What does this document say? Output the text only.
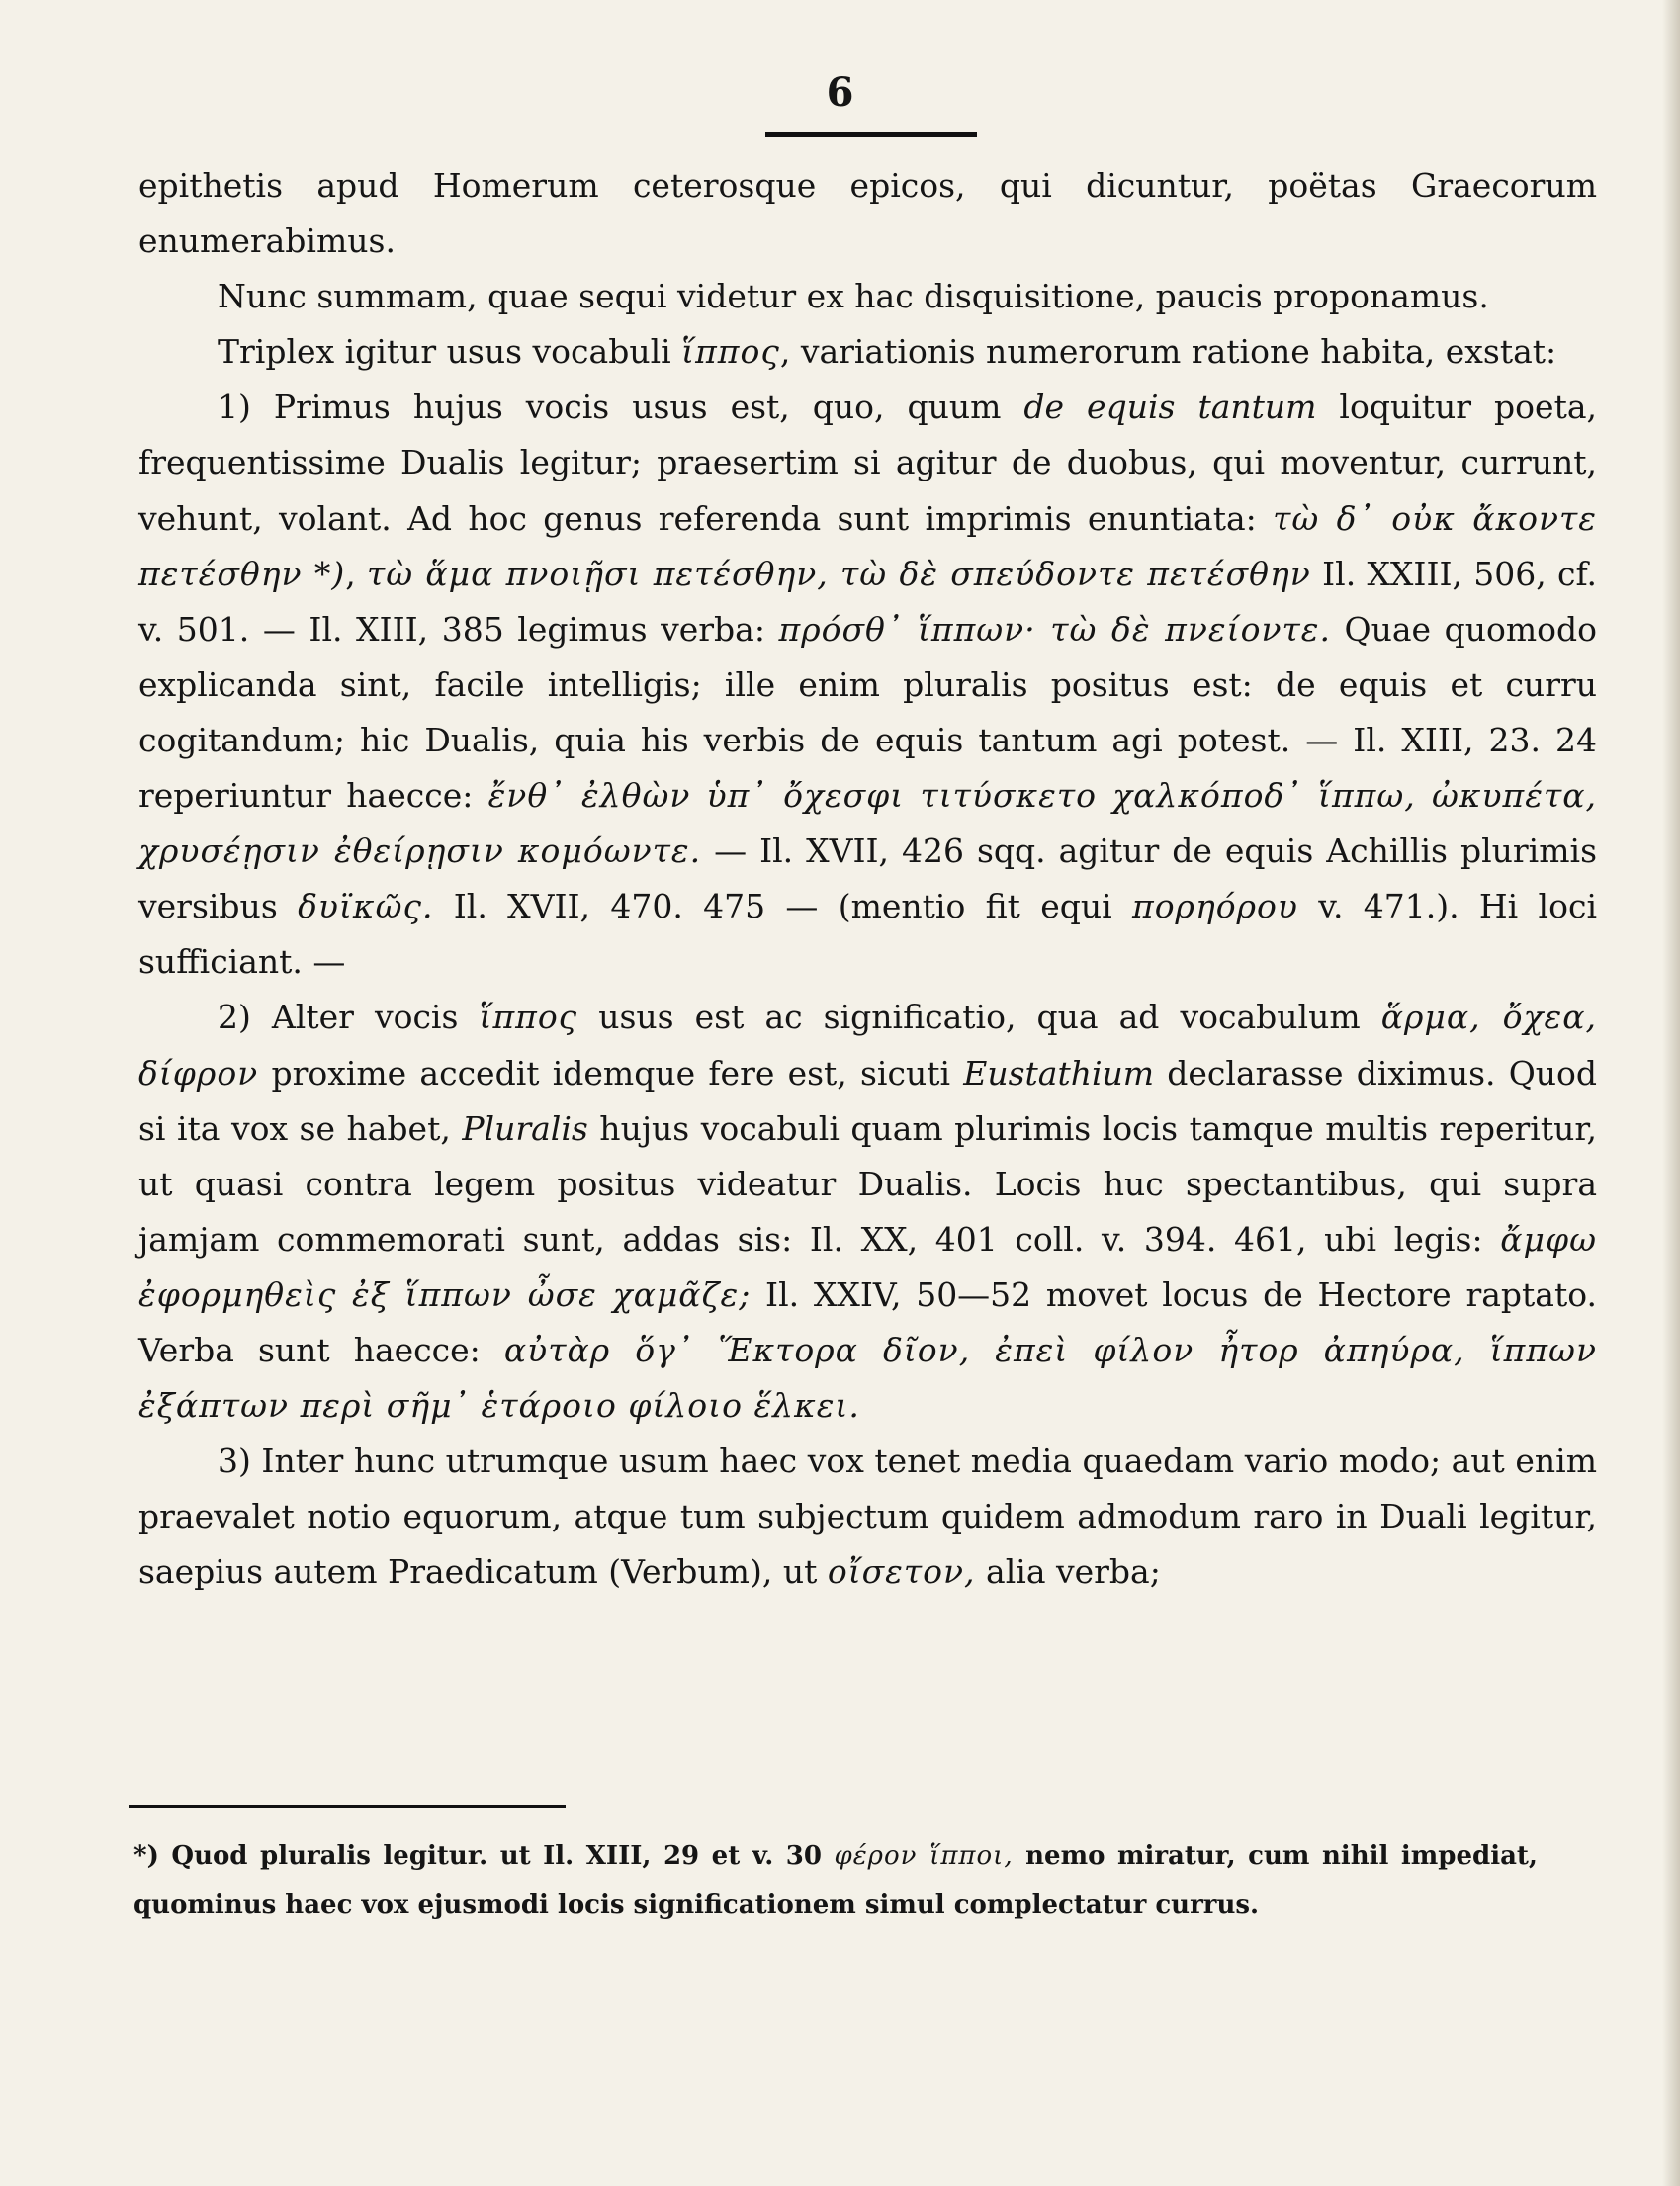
6

epithetis apud Homerum ceterosque epicos, qui dicuntur, poëtas Graecorum enumerabimus.

Nunc summam, quae sequi videtur ex hac disquisitione, paucis proponamus.

Triplex igitur usus vocabuli ἵππος, variationis numerorum ratione habita, exstat:

1) Primus hujus vocis usus est, quo, quum de equis tantum loquitur poeta, frequentissime Dualis legitur; praesertim si agitur de duobus, qui moventur, currunt, vehunt, volant. Ad hoc genus referenda sunt imprimis enuntiata: τὼ δ᾽ οὐκ ἄκοντε πετέσθην *), τὼ ἅμα πνοιῇσι πετέσθην, τὼ δὲ σπεύδοντε πετέσθην Il. XXIII, 506, cf. v. 501. — Il. XIII, 385 legimus verba: πρόσθ᾽ ἵππων· τὼ δὲ πνείοντε. Quae quomodo explicanda sint, facile intelligis; ille enim pluralis positus est: de equis et curru cogitandum; hic Dualis, quia his verbis de equis tantum agi potest. — Il. XIII, 23. 24 reperiuntur haecce: ἔνθ᾽ ἐλθὼν ὑπ᾽ ὄχεσφι τιτύσκετο χαλκόποδ᾽ ἵππω, ὠκυπέτα, χρυσέῃσιν ἐθείρῃσιν κομόωντε. — Il. XVII, 426 sqq. agitur de equis Achillis plurimis versibus δυϊκῶς. Il. XVII, 470. 475 — (mentio fit equi πορηόρου v. 471.). Hi loci sufficiant. —

2) Alter vocis ἵππος usus est ac significatio, qua ad vocabulum ἅρμα, ὄχεα, δίφρον proxime accedit idemque fere est, sicuti Eustathium declarasse diximus. Quod si ita vox se habet, Pluralis hujus vocabuli quam plurimis locis tamque multis reperitur, ut quasi contra legem positus videatur Dualis. Locis huc spectantibus, qui supra jamjam commemorati sunt, addas sis: Il. XX, 401 coll. v. 394. 461, ubi legis: ἄμφω ἐφορμηθεὶς ἐξ ἵππων ὦσε χαμᾶζε; Il. XXIV, 50—52 movet locus de Hectore raptato. Verba sunt haecce: αὐτὰρ ὅγ᾽ Ἕκτορα δῖον, ἐπεὶ φίλον ἦτορ ἀπηύρα, ἵππων ἐξάπτων περὶ σῆμ᾽ ἑτάροιο φίλοιο ἕλκει.

3) Inter hunc utrumque usum haec vox tenet media quaedam vario modo; aut enim praevalet notio equorum, atque tum subjectum quidem admodum raro in Duali legitur, saepius autem Praedicatum (Verbum), ut οἴσετον, alia verba;

*) Quod pluralis legitur. ut Il. XIII, 29 et v. 30 φέρον ἵπποι, nemo miratur, cum nihil impediat, quominus haec vox ejusmodi locis significationem simul complectatur currus.
